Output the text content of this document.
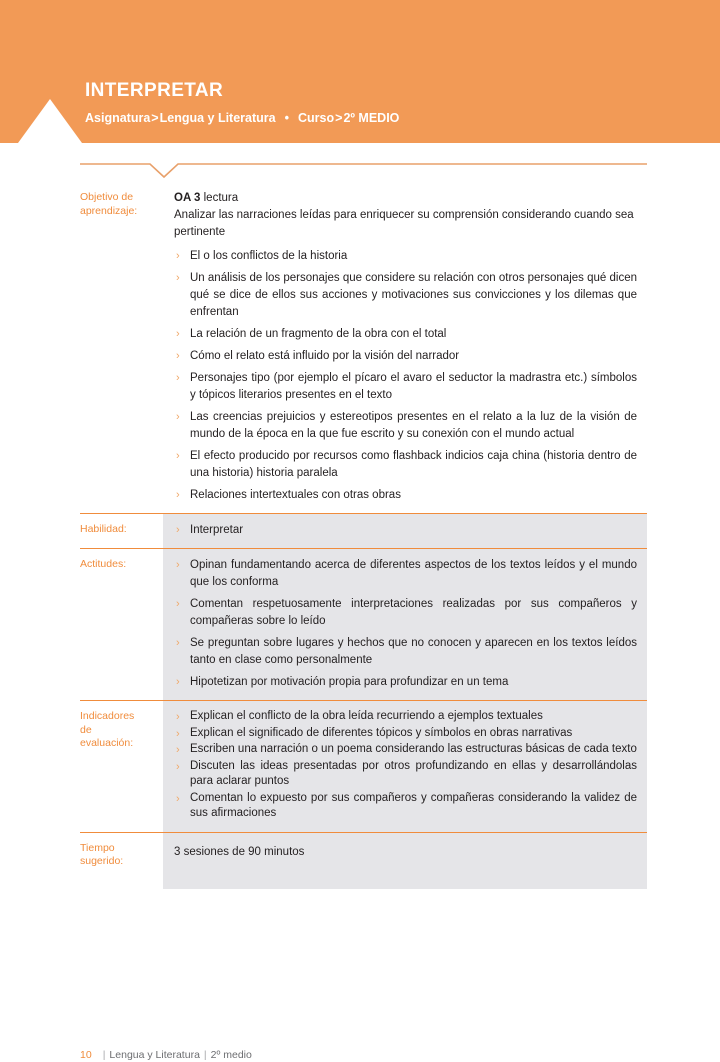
INTERPRETAR
Asignatura>Lengua y Literatura • Curso>2º MEDIO
Objetivo de
aprendizaje:
OA 3 lectura
Analizar las narraciones leídas para enriquecer su comprensión considerando cuando sea pertinente
› El o los conflictos de la historia
› Un análisis de los personajes que considere su relación con otros personajes qué dicen qué se dice de ellos sus acciones y motivaciones sus convicciones y los dilemas que enfrentan
› La relación de un fragmento de la obra con el total
› Cómo el relato está influido por la visión del narrador
› Personajes tipo (por ejemplo el pícaro el avaro el seductor la madrastra etc.) símbolos y tópicos literarios presentes en el texto
› Las creencias prejuicios y estereotipos presentes en el relato a la luz de la visión de mundo de la época en la que fue escrito y su conexión con el mundo actual
› El efecto producido por recursos como flashback indicios caja china (historia dentro de una historia) historia paralela
› Relaciones intertextuales con otras obras
Habilidad:	› Interpretar
Actitudes:	› Opinan fundamentando acerca de diferentes aspectos de los textos leídos y el mundo que los conforma
› Comentan respetuosamente interpretaciones realizadas por sus compañeros y compañeras sobre lo leído
› Se preguntan sobre lugares y hechos que no conocen y aparecen en los textos leídos tanto en clase como personalmente
› Hipotetizan por motivación propia para profundizar en un tema
Indicadores
de
evaluación:
› Explican el conflicto de la obra leída recurriendo a ejemplos textuales
› Explican el significado de diferentes tópicos y símbolos en obras narrativas
› Escriben una narración o un poema considerando las estructuras básicas de cada texto
› Discuten las ideas presentadas por otros profundizando en ellas y desarrollándolas para aclarar puntos
› Comentan lo expuesto por sus compañeros y compañeras considerando la validez de sus afirmaciones
Tiempo
sugerido:
3 sesiones de 90 minutos
10 | Lengua y Literatura | 2º medio
